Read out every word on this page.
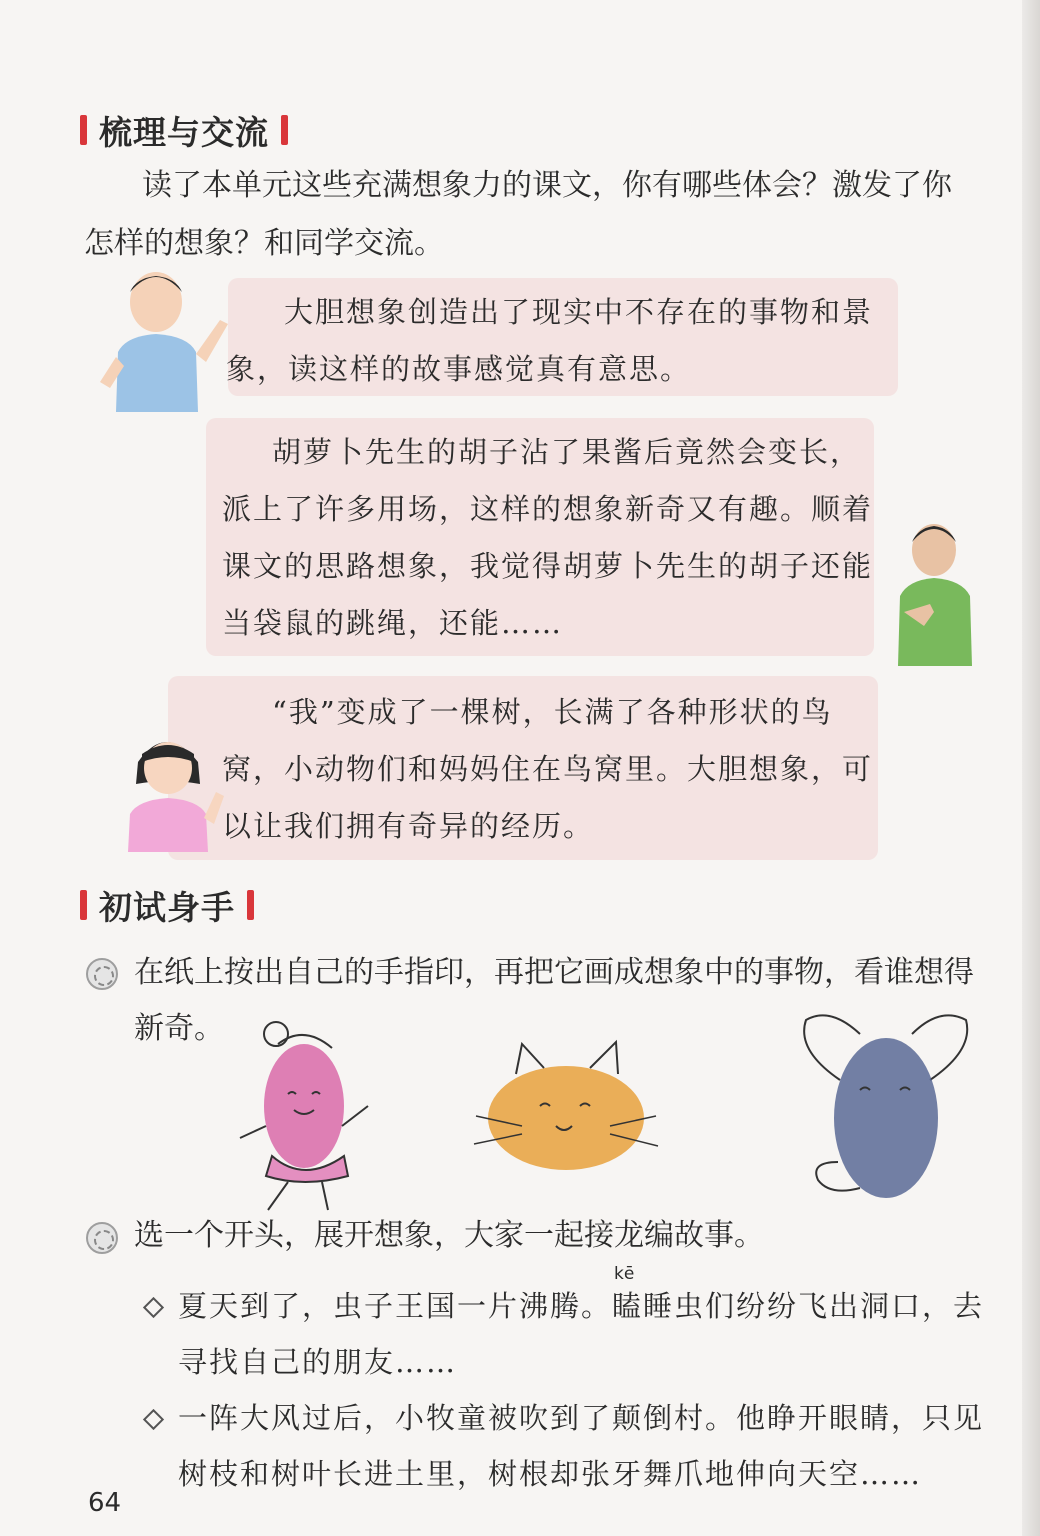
梳理与交流
读了本单元这些充满想象力的课文，你有哪些体会？激发了你
怎样的想象？和同学交流。
大胆想象创造出了现实中不存在的事物和景
象，读这样的故事感觉真有意思。
胡萝卜先生的胡子沾了果酱后竟然会变长，
派上了许多用场，这样的想象新奇又有趣。顺着
课文的思路想象，我觉得胡萝卜先生的胡子还能
当袋鼠的跳绳，还能……
“我”变成了一棵树，长满了各种形状的鸟
窝，小动物们和妈妈住在鸟窝里。大胆想象，可
以让我们拥有奇异的经历。
初试身手
在纸上按出自己的手指印，再把它画成想象中的事物，看谁想得
新奇。
选一个开头，展开想象，大家一起接龙编故事。
kē
夏天到了，虫子王国一片沸腾。瞌睡虫们纷纷飞出洞口，去
寻找自己的朋友……
一阵大风过后，小牧童被吹到了颠倒村。他睁开眼睛，只见
树枝和树叶长进土里，树根却张牙舞爪地伸向天空……
64
